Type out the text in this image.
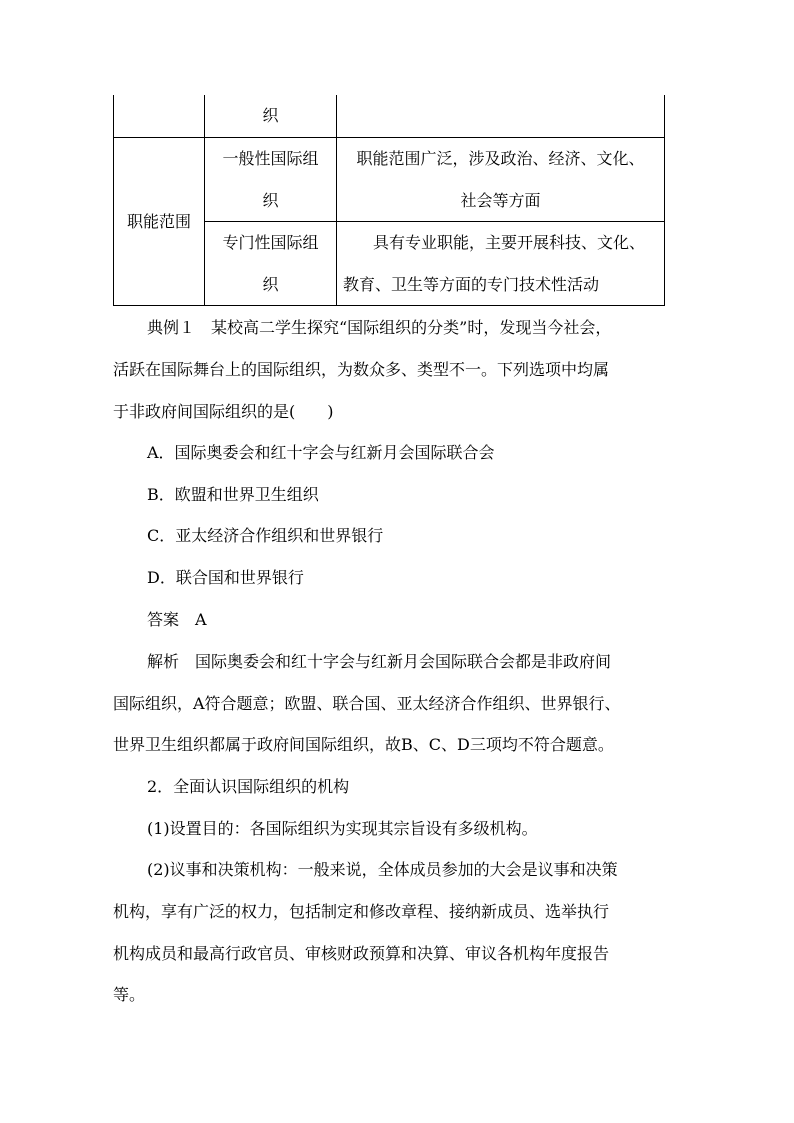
织
职能范围
一般性国际组
织
职能范围广泛，涉及政治、经济、文化、
社会等方面
专门性国际组
织
具有专业职能，主要开展科技、文化、
教育、卫生等方面的专门技术性活动
典例１　某校高二学生探究“国际组织的分类”时，发现当今社会，
活跃在国际舞台上的国际组织，为数众多、类型不一。下列选项中均属
于非政府间国际组织的是(　　)
A．国际奥委会和红十字会与红新月会国际联合会
B．欧盟和世界卫生组织
C．亚太经济合作组织和世界银行
D．联合国和世界银行
答案　A
解析　国际奥委会和红十字会与红新月会国际联合会都是非政府间
国际组织，A符合题意；欧盟、联合国、亚太经济合作组织、世界银行、
世界卫生组织都属于政府间国际组织，故B、C、D三项均不符合题意。
2．全面认识国际组织的机构
(1)设置目的：各国际组织为实现其宗旨设有多级机构。
(2)议事和决策机构：一般来说，全体成员参加的大会是议事和决策
机构，享有广泛的权力，包括制定和修改章程、接纳新成员、选举执行
机构成员和最高行政官员、审核财政预算和决算、审议各机构年度报告
等。
